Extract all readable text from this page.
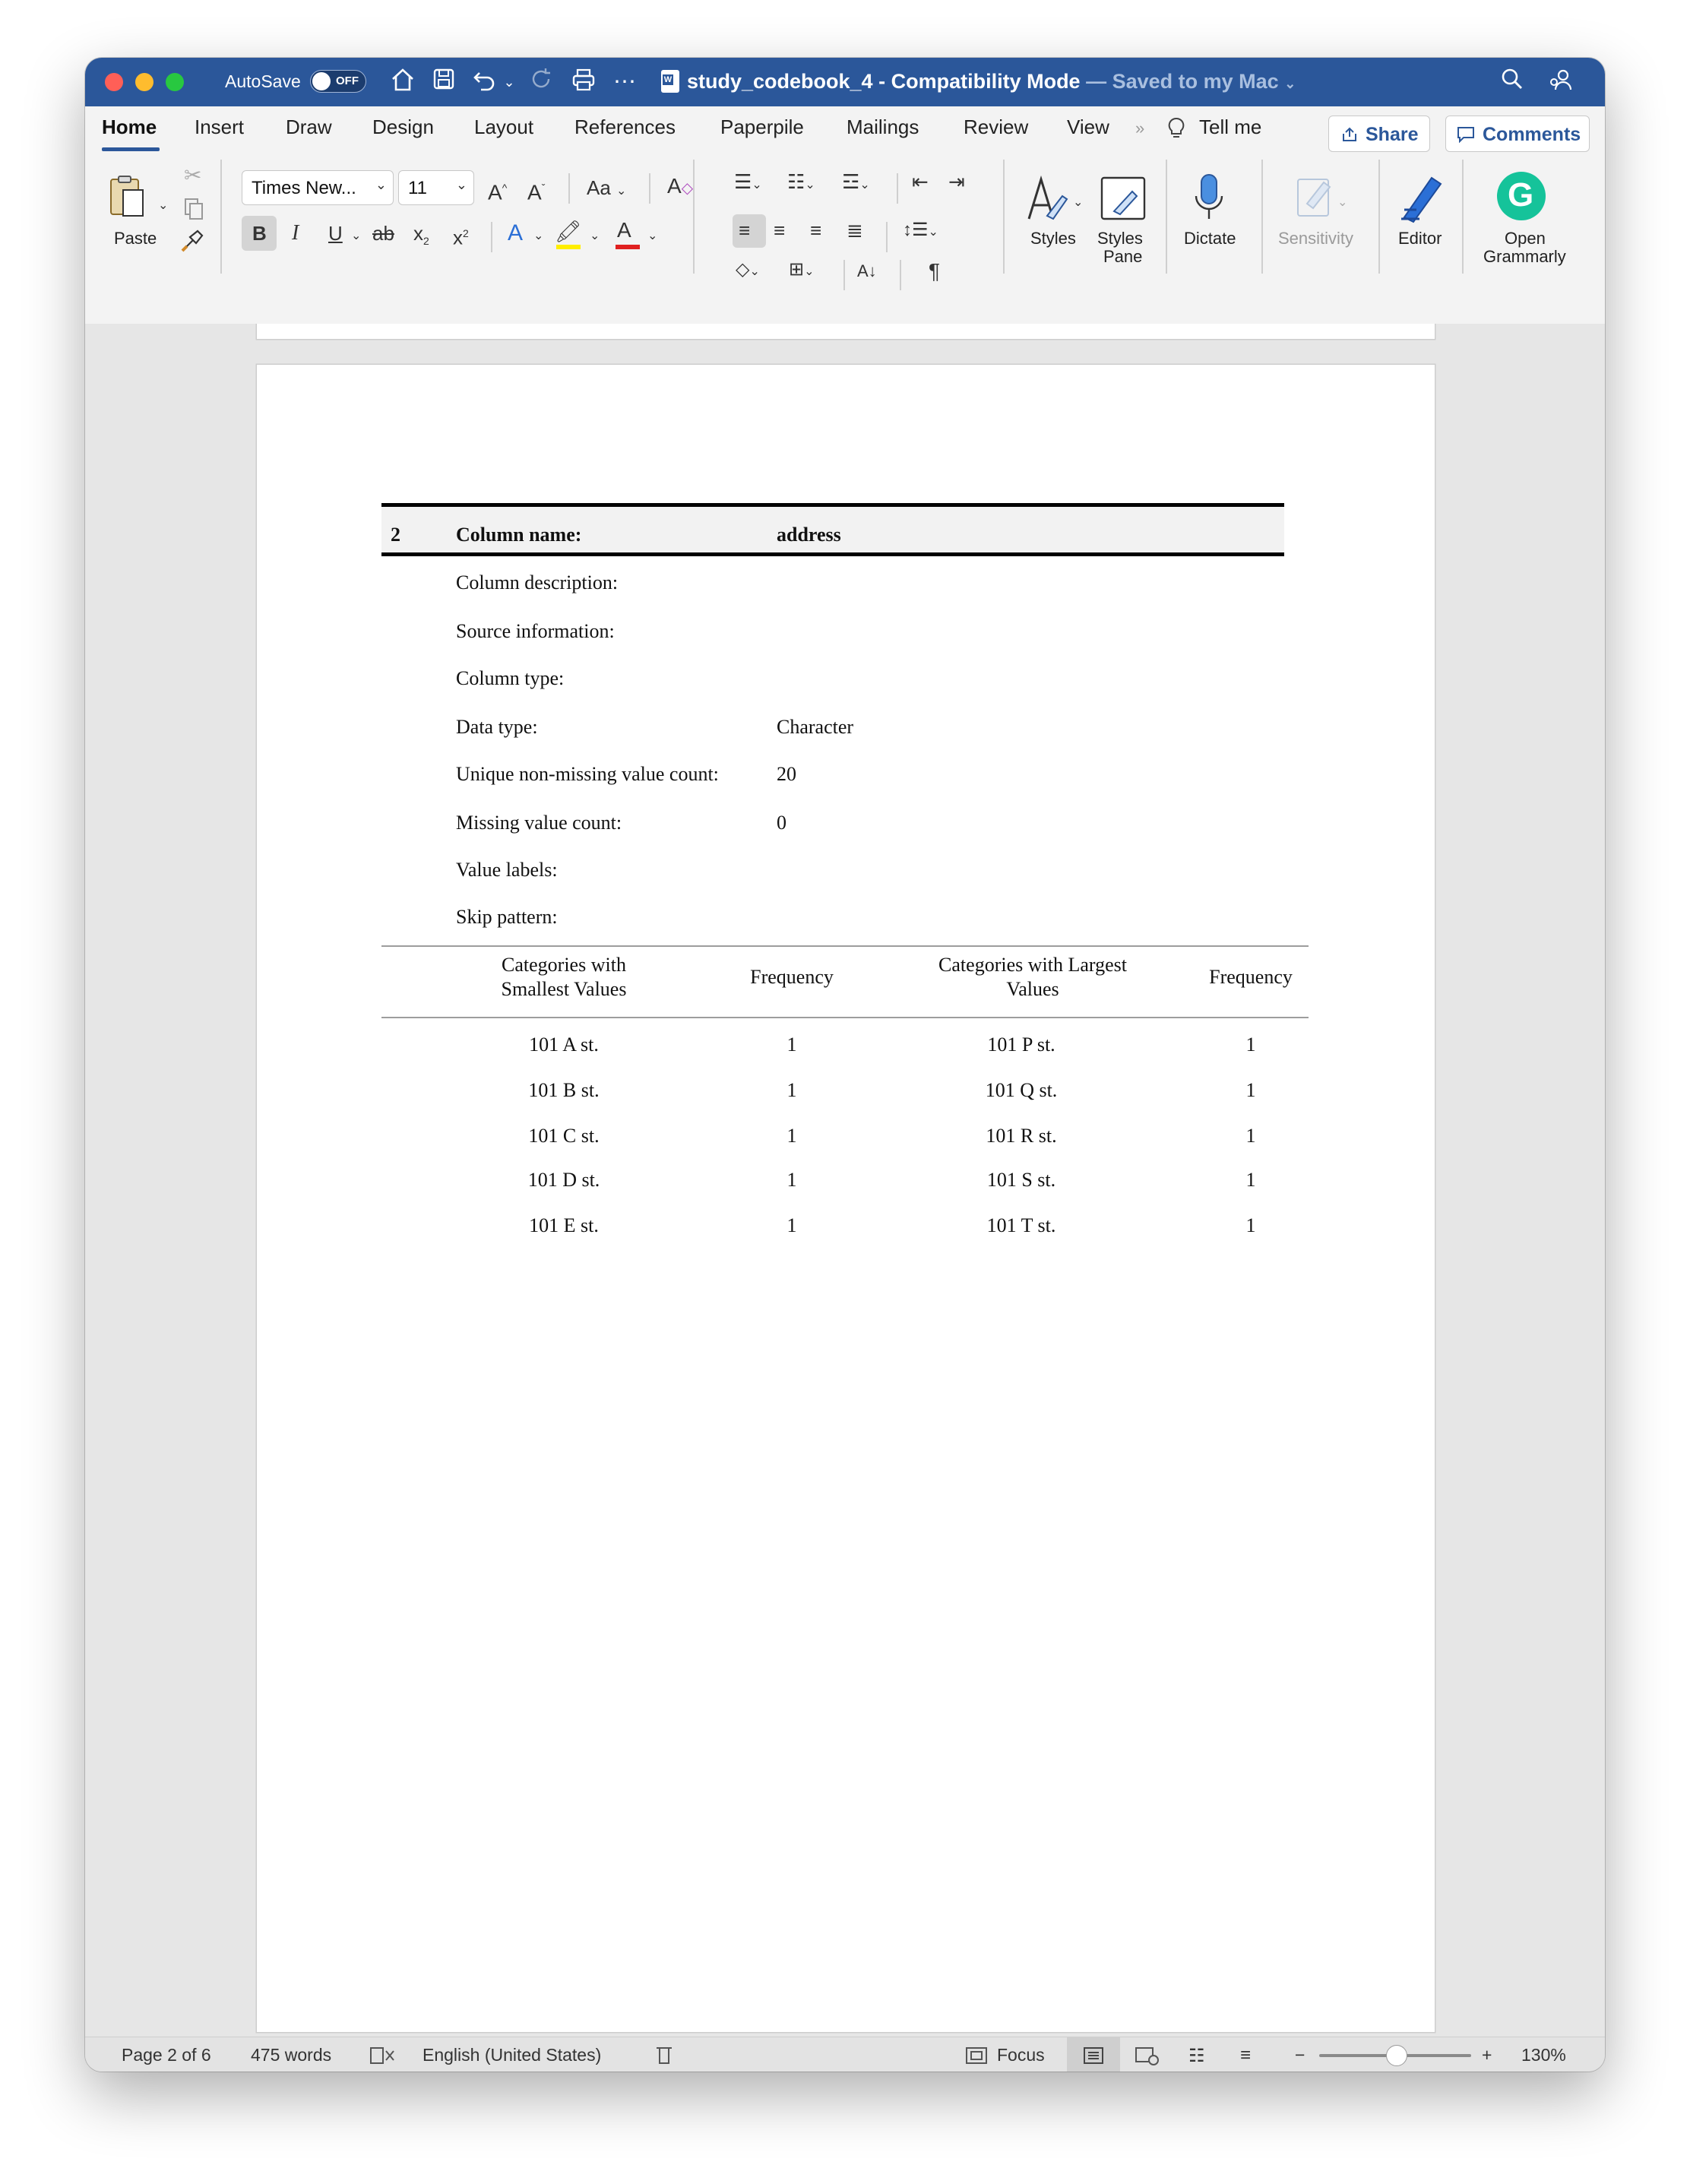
AutoSave	OFF	⌄	⋯
W study_codebook_4 - Compatibility Mode — Saved to my Mac ⌄
Home Insert Draw Design Layout References Paperpile Mailings Review View »	Tell me	Share	Comments
⌄
Paste
✂
Times New... ⌄ 11 ⌄ A^ $A^ˇ$ Aa ⌄ A◇
B I U ⌄ ab $x_2$ $x^2$ A ⌄ 🖍 ⌄ A ⌄
☰⌄ ☷⌄ ☲⌄ ⇤ ⇥
≡ ≡ ≡ ≣ ↕☰⌄
◇⌄ ⊞⌄	A↓ ¶
⌄
Styles Styles
Pane
Dictate
⌄
Sensitivity	Editor
G
Open
Grammarly
2	Column name:	address
Column description:
Source information:
Column type:
Data type:	Character
Unique non-missing value count:	20
Missing value count:	0
Value labels:
Skip pattern:
Categories with
Smallest Values
Frequency
Categories with Largest
Values
Frequency
101 A st.	1	101 P st.	1
101 B st.	1	101 Q st.	1
101 C st.	1	101 R st.	1
101 D st.	1	101 S st.	1
101 E st.	1	101 T st.	1
Page 2 of 6 475 words	English (United States)	Focus	☷ ≡	−	+ 130%
